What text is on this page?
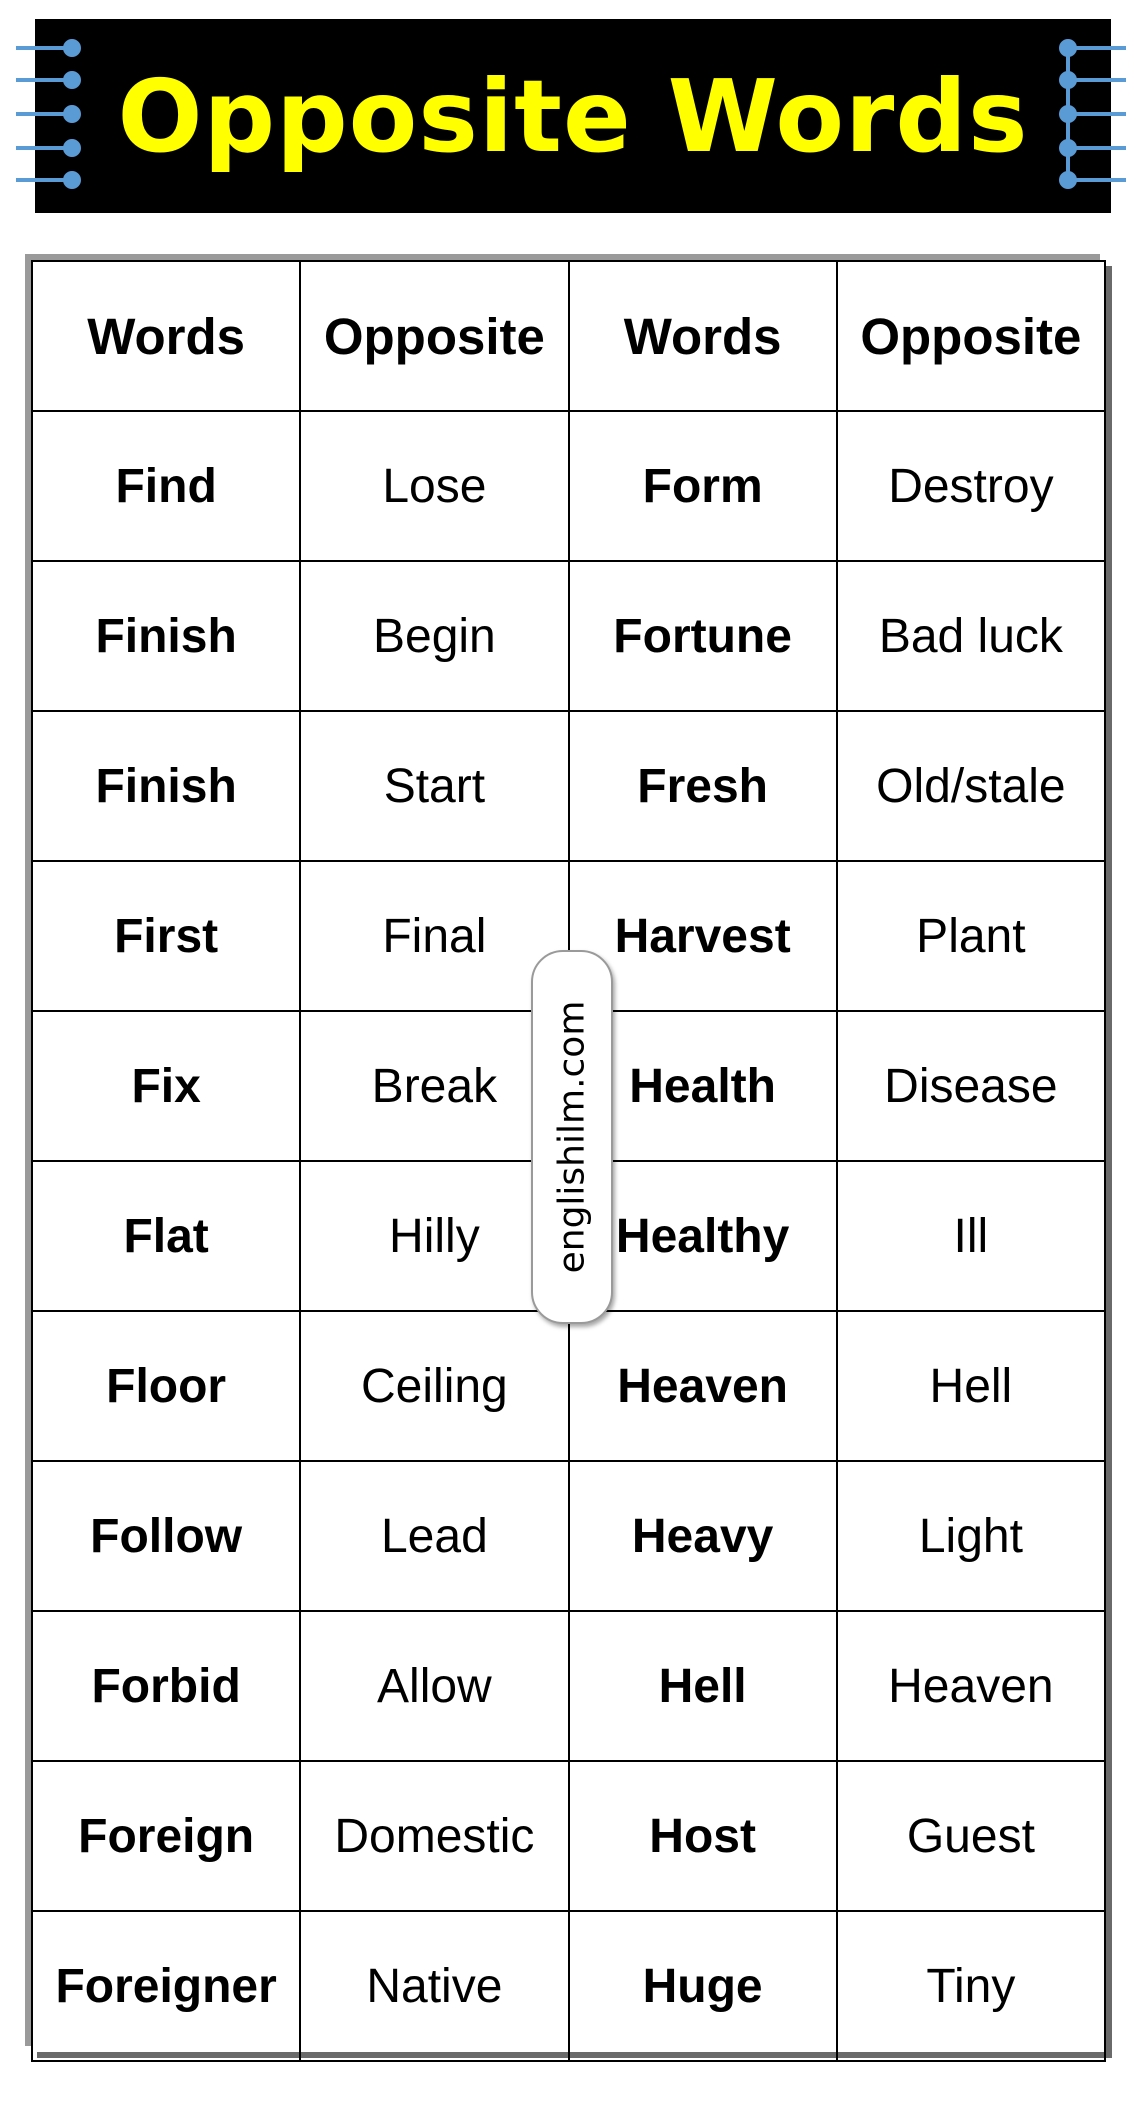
Opposite Words
Words	Opposite	Words	Opposite
Find	Lose	Form	Destroy
Finish	Begin	Fortune	Bad luck
Finish	Start	Fresh	Old/stale
First	Final	Harvest	Plant
Fix	Break	Health	Disease
Flat	Hilly	Healthy	Ill
Floor	Ceiling	Heaven	Hell
Follow	Lead	Heavy	Light
Forbid	Allow	Hell	Heaven
Foreign	Domestic	Host	Guest
Foreigner	Native	Huge	Tiny
englishilm.com
